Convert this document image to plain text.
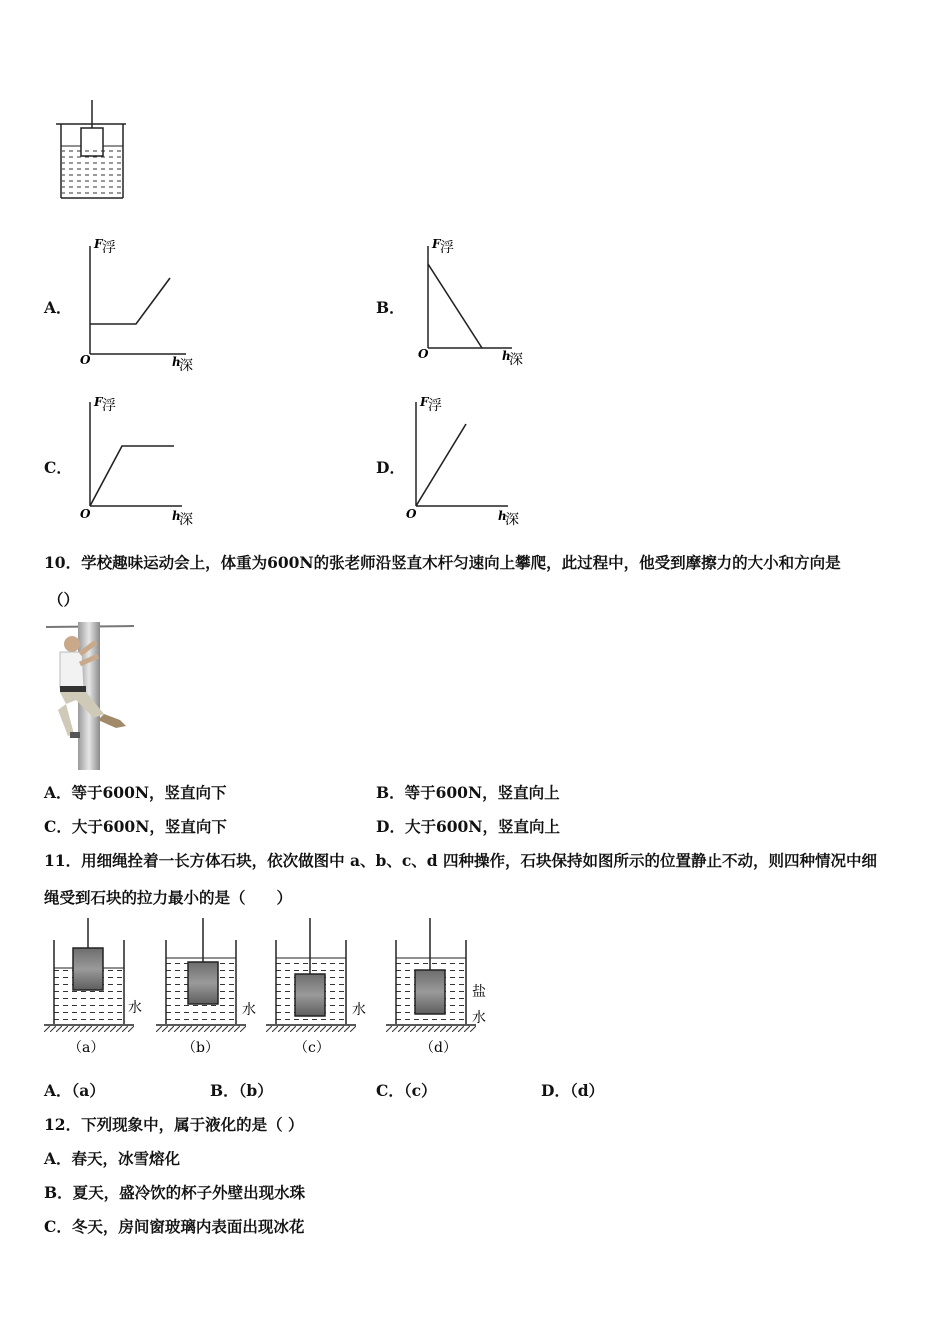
A．
F 浮
O	h
深
B．
F 浮
O	h
深
C．
F 浮
O	h
深
D．
F 浮
O	h
深
10．学校趣味运动会上，体重为600N的张老师沿竖直木杆匀速向上攀爬，此过程中，他受到摩擦力的大小和方向是
（）
A．等于600N，竖直向下	B．等于600N，竖直向上
C．大于600N，竖直向下	D．大于600N，竖直向上
11．用细绳拴着一长方体石块，依次做图中 a、b、c、d 四种操作，石块保持如图所示的位置静止不动，则四种情况中细
绳受到石块的拉力最小的是（　　）
水
（a）
水
（b）
水
（c）
盐
水
（d）
A．（a）	B．（b）	C．（c）	D．（d）
12．下列现象中，属于液化的是（ ）
A．春天，冰雪熔化
B．夏天，盛冷饮的杯子外壁出现水珠
C．冬天，房间窗玻璃内表面出现冰花
